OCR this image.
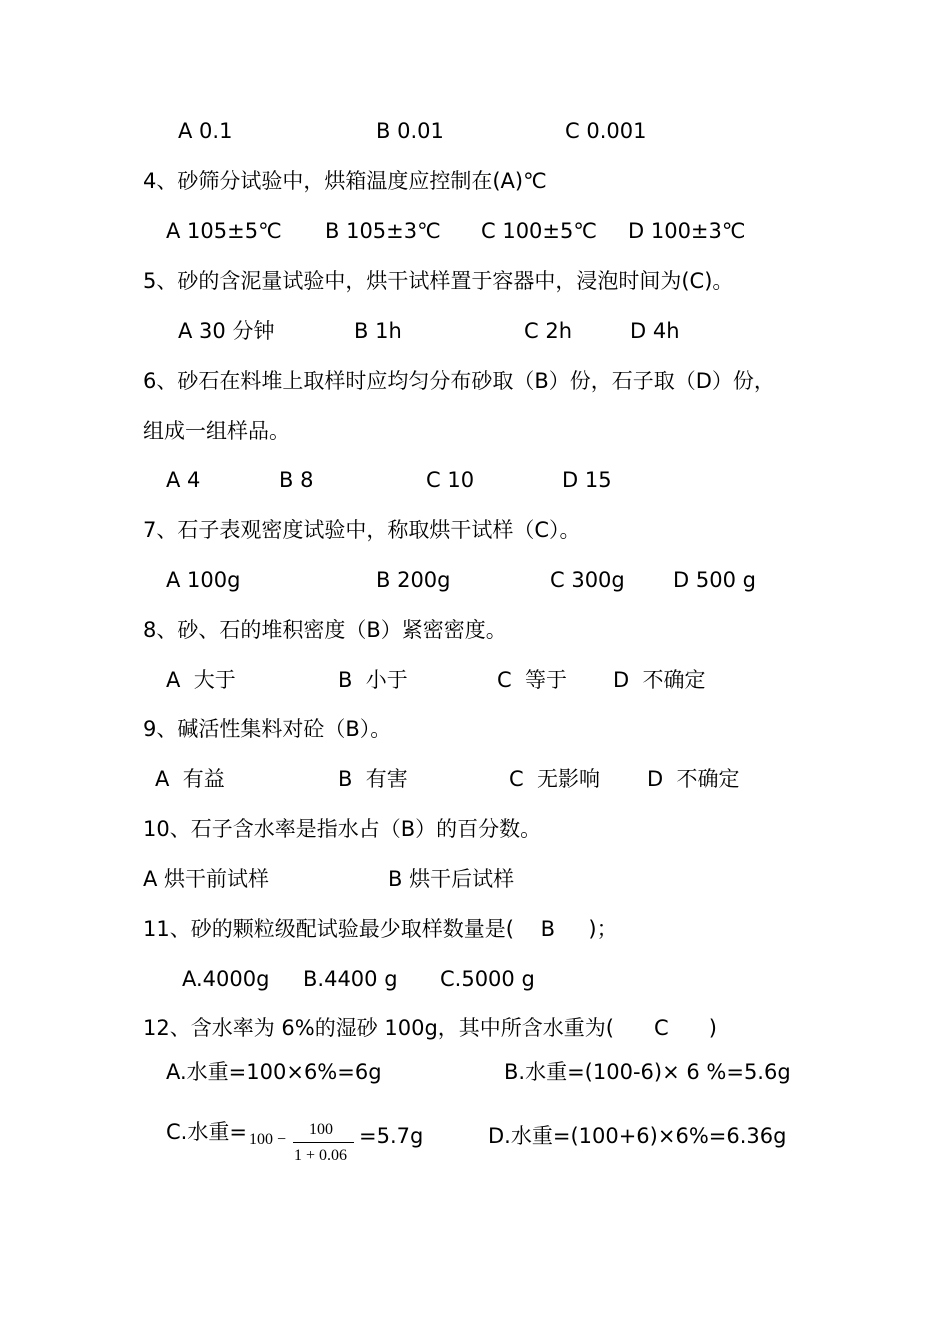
A 0.1	B 0.01	C 0.001
4、砂筛分试验中，烘箱温度应控制在(A)℃
A 105±5℃ B 105±3℃ C 100±5℃ D 100±3℃
5、砂的含泥量试验中，烘干试样置于容器中，浸泡时间为(C)。
A 30 分钟	B 1h	C 2h	D 4h
6、砂石在料堆上取样时应均匀分布砂取（B）份，石子取（D）份，
组成一组样品。
A 4	B 8	C 10	D 15
7、石子表观密度试验中，称取烘干试样（C）。
A 100g	B 200g	C 300g D 500 g
8、砂、石的堆积密度（B）紧密密度。
A  大于	B  小于	C  等于 D  不确定
9、碱活性集料对砼（B）。
A  有益	B  有害	C  无影响 D  不确定
10、石子含水率是指水占（B）的百分数。
A 烘干前试样	B 烘干后试样
11、砂的颗粒级配试验最少取样数量是(    B     )；
A.4000g B.4400 g C.5000 g
12、含水率为 6%的湿砂 100g，其中所含水重为(      C      )
A.水重=100×6%=6g	B.水重=(100-6)× 6 %=5.6g
C.水重= 100 −
100
1 + 0.06
=5.7g	D.水重=(100+6)×6%=6.36g
